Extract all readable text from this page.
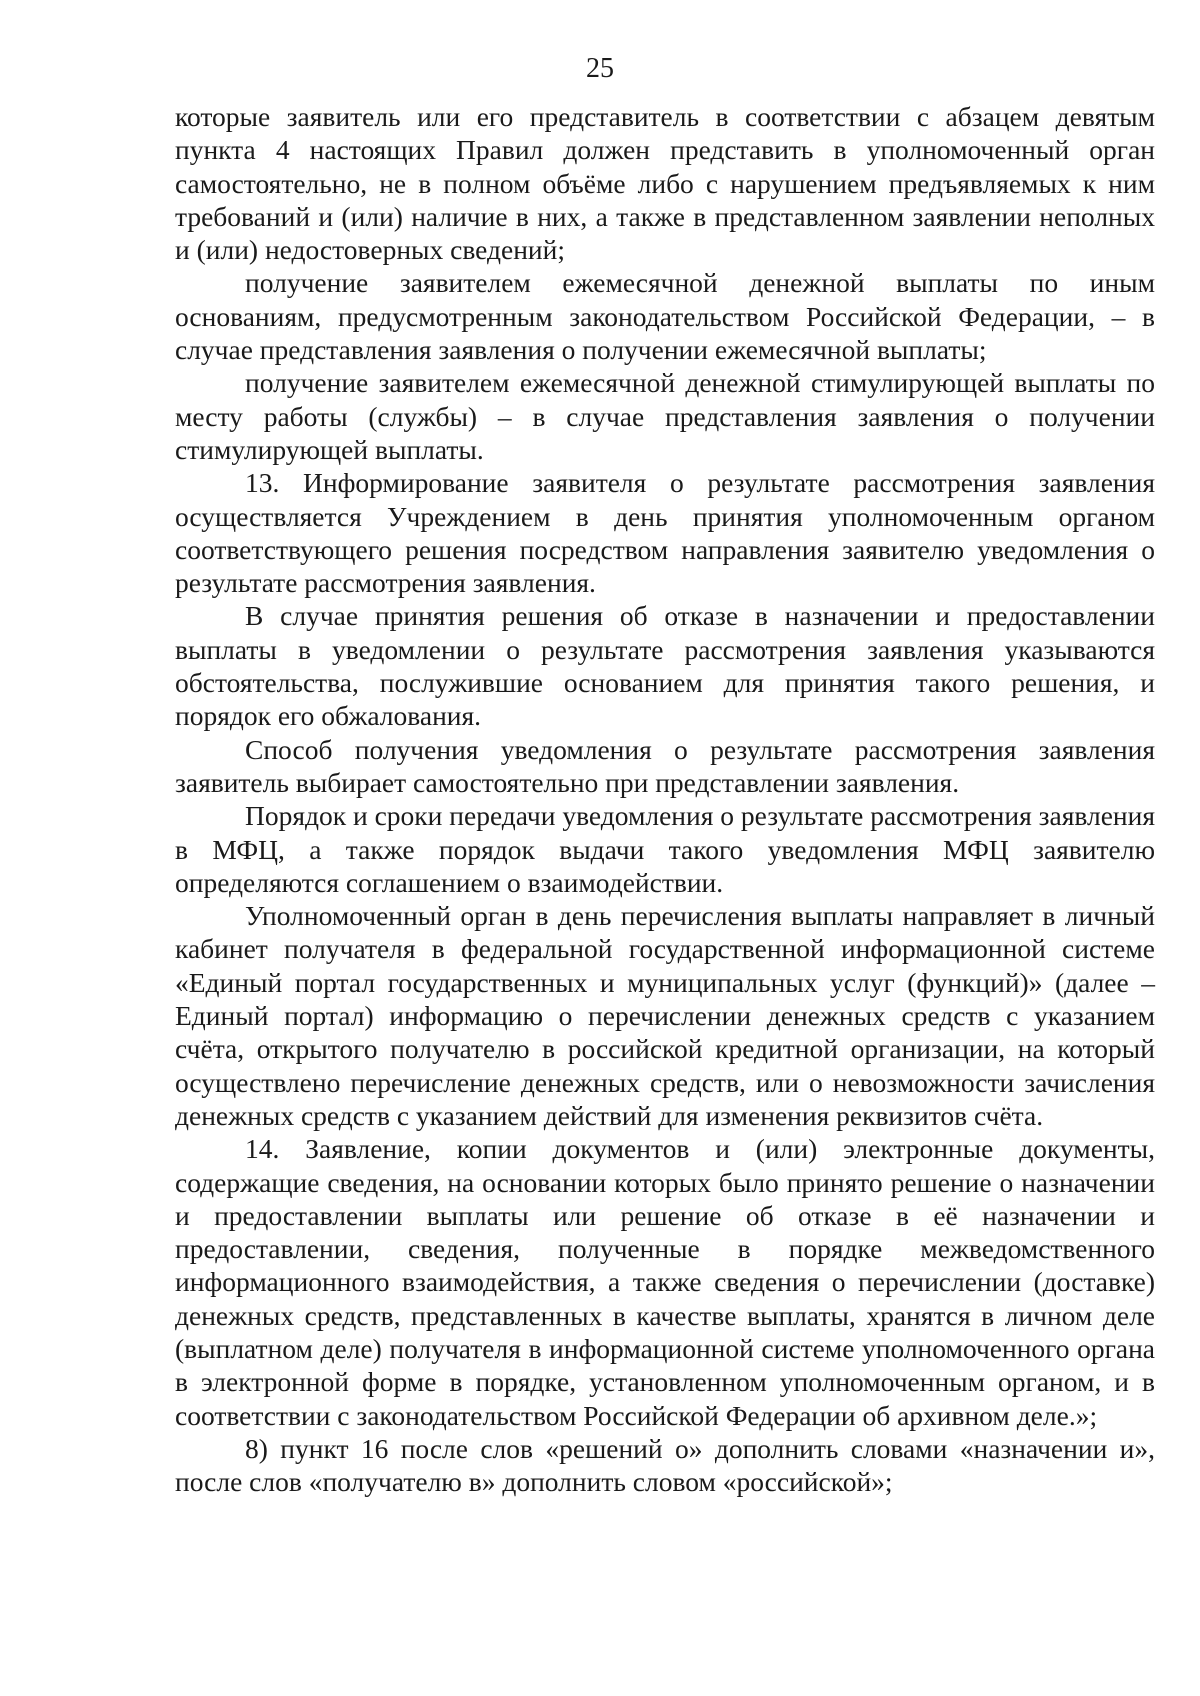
25

которые заявитель или его представитель в соответствии с абзацем девятым пункта 4 настоящих Правил должен представить в уполномоченный орган самостоятельно, не в полном объёме либо с нарушением предъявляемых к ним требований и (или) наличие в них, а также в представленном заявлении неполных и (или) недостоверных сведений;

получение заявителем ежемесячной денежной выплаты по иным основаниям, предусмотренным законодательством Российской Федерации, – в случае представления заявления о получении ежемесячной выплаты;

получение заявителем ежемесячной денежной стимулирующей выплаты по месту работы (службы) – в случае представления заявления о получении стимулирующей выплаты.

13. Информирование заявителя о результате рассмотрения заявления осуществляется Учреждением в день принятия уполномоченным органом соответствующего решения посредством направления заявителю уведомления о результате рассмотрения заявления.

В случае принятия решения об отказе в назначении и предоставлении выплаты в уведомлении о результате рассмотрения заявления указываются обстоятельства, послужившие основанием для принятия такого решения, и порядок его обжалования.

Способ получения уведомления о результате рассмотрения заявления заявитель выбирает самостоятельно при представлении заявления.

Порядок и сроки передачи уведомления о результате рассмотрения заявления в МФЦ, а также порядок выдачи такого уведомления МФЦ заявителю определяются соглашением о взаимодействии.

Уполномоченный орган в день перечисления выплаты направляет в личный кабинет получателя в федеральной государственной информационной системе «Единый портал государственных и муниципальных услуг (функций)» (далее – Единый портал) информацию о перечислении денежных средств с указанием счёта, открытого получателю в российской кредитной организации, на который осуществлено перечисление денежных средств, или о невозможности зачисления денежных средств с указанием действий для изменения реквизитов счёта.

14. Заявление, копии документов и (или) электронные документы, содержащие сведения, на основании которых было принято решение о назначении и предоставлении выплаты или решение об отказе в её назначении и предоставлении, сведения, полученные в порядке межведомственного информационного взаимодействия, а также сведения о перечислении (доставке) денежных средств, представленных в качестве выплаты, хранятся в личном деле (выплатном деле) получателя в информационной системе уполномоченного органа в электронной форме в порядке, установленном уполномоченным органом, и в соответствии с законодательством Российской Федерации об архивном деле.»;

8) пункт 16 после слов «решений о» дополнить словами «назначении и», после слов «получателю в» дополнить словом «российской»;
